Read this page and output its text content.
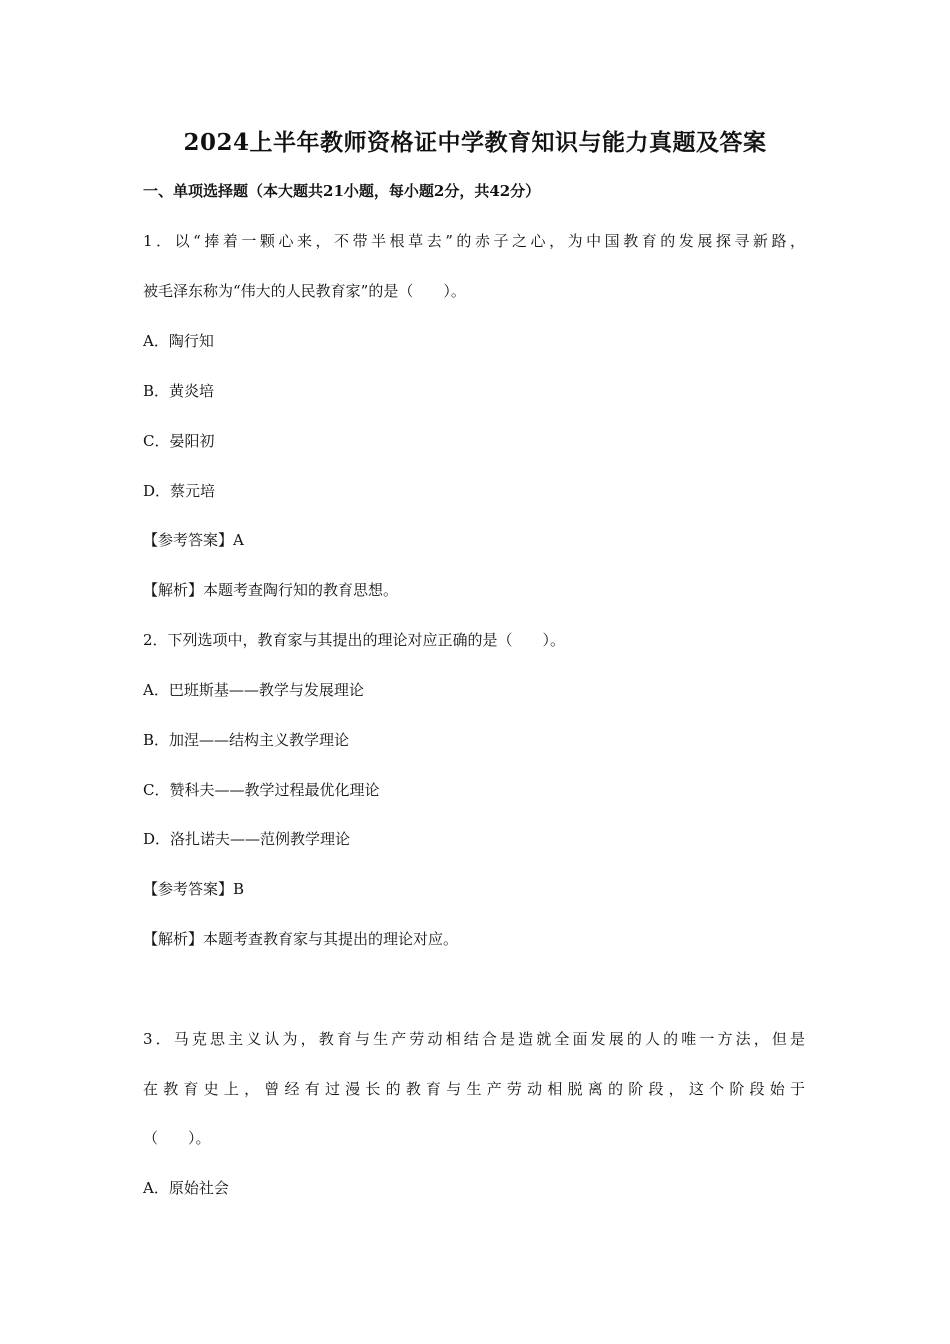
2024上半年教师资格证中学教育知识与能力真题及答案
一、单项选择题（本大题共21小题，每小题2分，共42分）
1．以“捧着一颗心来，不带半根草去”的赤子之心，为中国教育的发展探寻新路，
被毛泽东称为“伟大的人民教育家”的是（　　）。
A．陶行知
B．黄炎培
C．晏阳初
D．蔡元培
【参考答案】A
【解析】本题考查陶行知的教育思想。
2．下列选项中，教育家与其提出的理论对应正确的是（　　）。
A．巴班斯基——教学与发展理论
B．加涅——结构主义教学理论
C．赞科夫——教学过程最优化理论
D．洛扎诺夫——范例教学理论
【参考答案】B
【解析】本题考查教育家与其提出的理论对应。
3．马克思主义认为，教育与生产劳动相结合是造就全面发展的人的唯一方法，但是
在教育史上，曾经有过漫长的教育与生产劳动相脱离的阶段，这个阶段始于
（　　）。
A．原始社会
